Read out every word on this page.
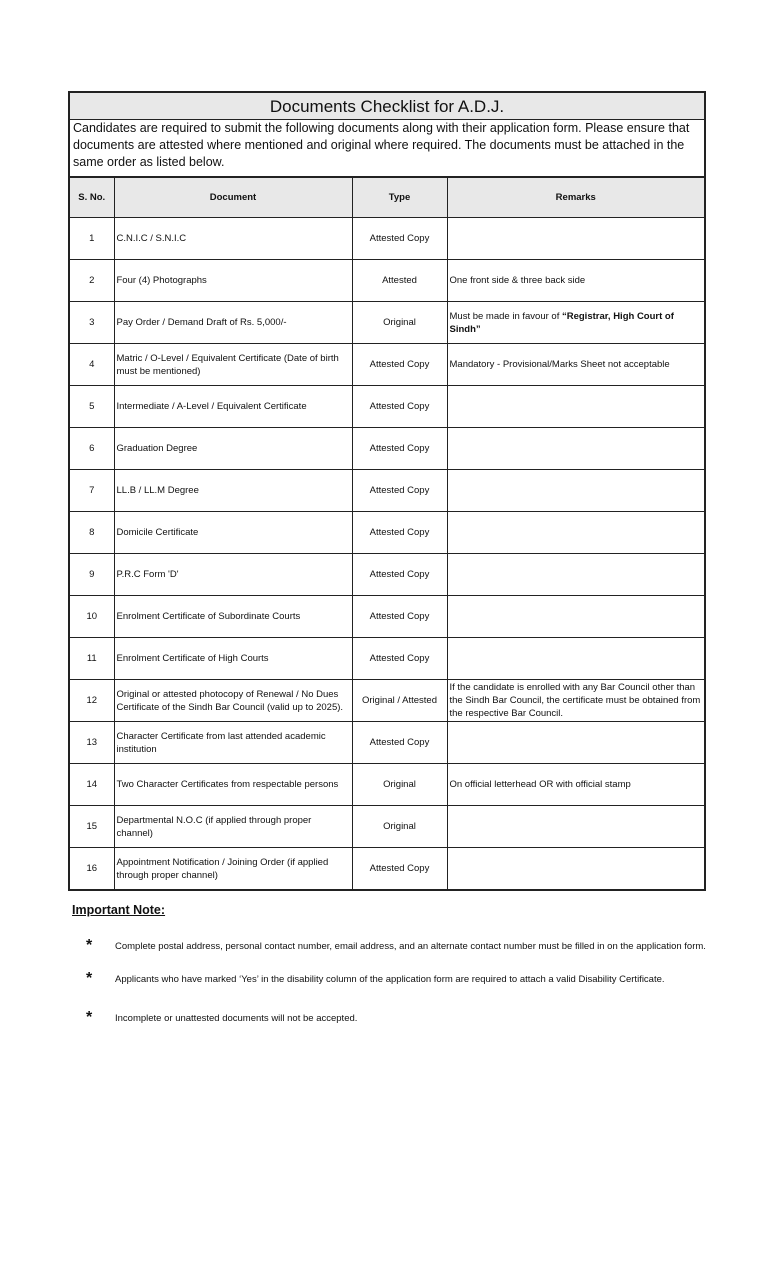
Documents Checklist for A.D.J.			
Candidates are required to submit the following documents along with their application form. Please ensure that documents are attested where mentioned and original where required. The documents must be attached in the same order as listed below.			
S. No.	Document	Type	Remarks
1	C.N.I.C / S.N.I.C	Attested Copy	
2	Four (4) Photographs	Attested	One front side & three back side
3	Pay Order / Demand Draft of Rs. 5,000/-	Original	Must be made in favour of “Registrar, High Court of Sindh”
4	Matric / O-Level / Equivalent Certificate (Date of birth must be mentioned)	Attested Copy	Mandatory - Provisional/Marks Sheet not acceptable
5	Intermediate / A-Level / Equivalent Certificate	Attested Copy	
6	Graduation Degree	Attested Copy	
7	LL.B / LL.M Degree	Attested Copy	
8	Domicile Certificate	Attested Copy	
9	P.R.C Form 'D'	Attested Copy	
10	Enrolment Certificate of Subordinate Courts	Attested Copy	
11	Enrolment Certificate of High Courts	Attested Copy	
12	Original or attested photocopy of Renewal / No Dues Certificate of the Sindh Bar Council (valid up to 2025).	Original / Attested	If the candidate is enrolled with any Bar Council other than the Sindh Bar Council, the certificate must be obtained from the respective Bar Council.
13	Character Certificate from last attended academic institution	Attested Copy	
14	Two Character Certificates from respectable persons	Original	On official letterhead OR with official stamp
15	Departmental N.O.C (if applied through proper channel)	Original	
16	Appointment Notification / Joining Order (if applied through proper channel)	Attested Copy	
Important Note:
* Complete postal address, personal contact number, email address, and an alternate contact number must be filled in on the application form.
* Applicants who have marked ‘Yes’ in the disability column of the application form are required to attach a valid Disability Certificate.
* Incomplete or unattested documents will not be accepted.
